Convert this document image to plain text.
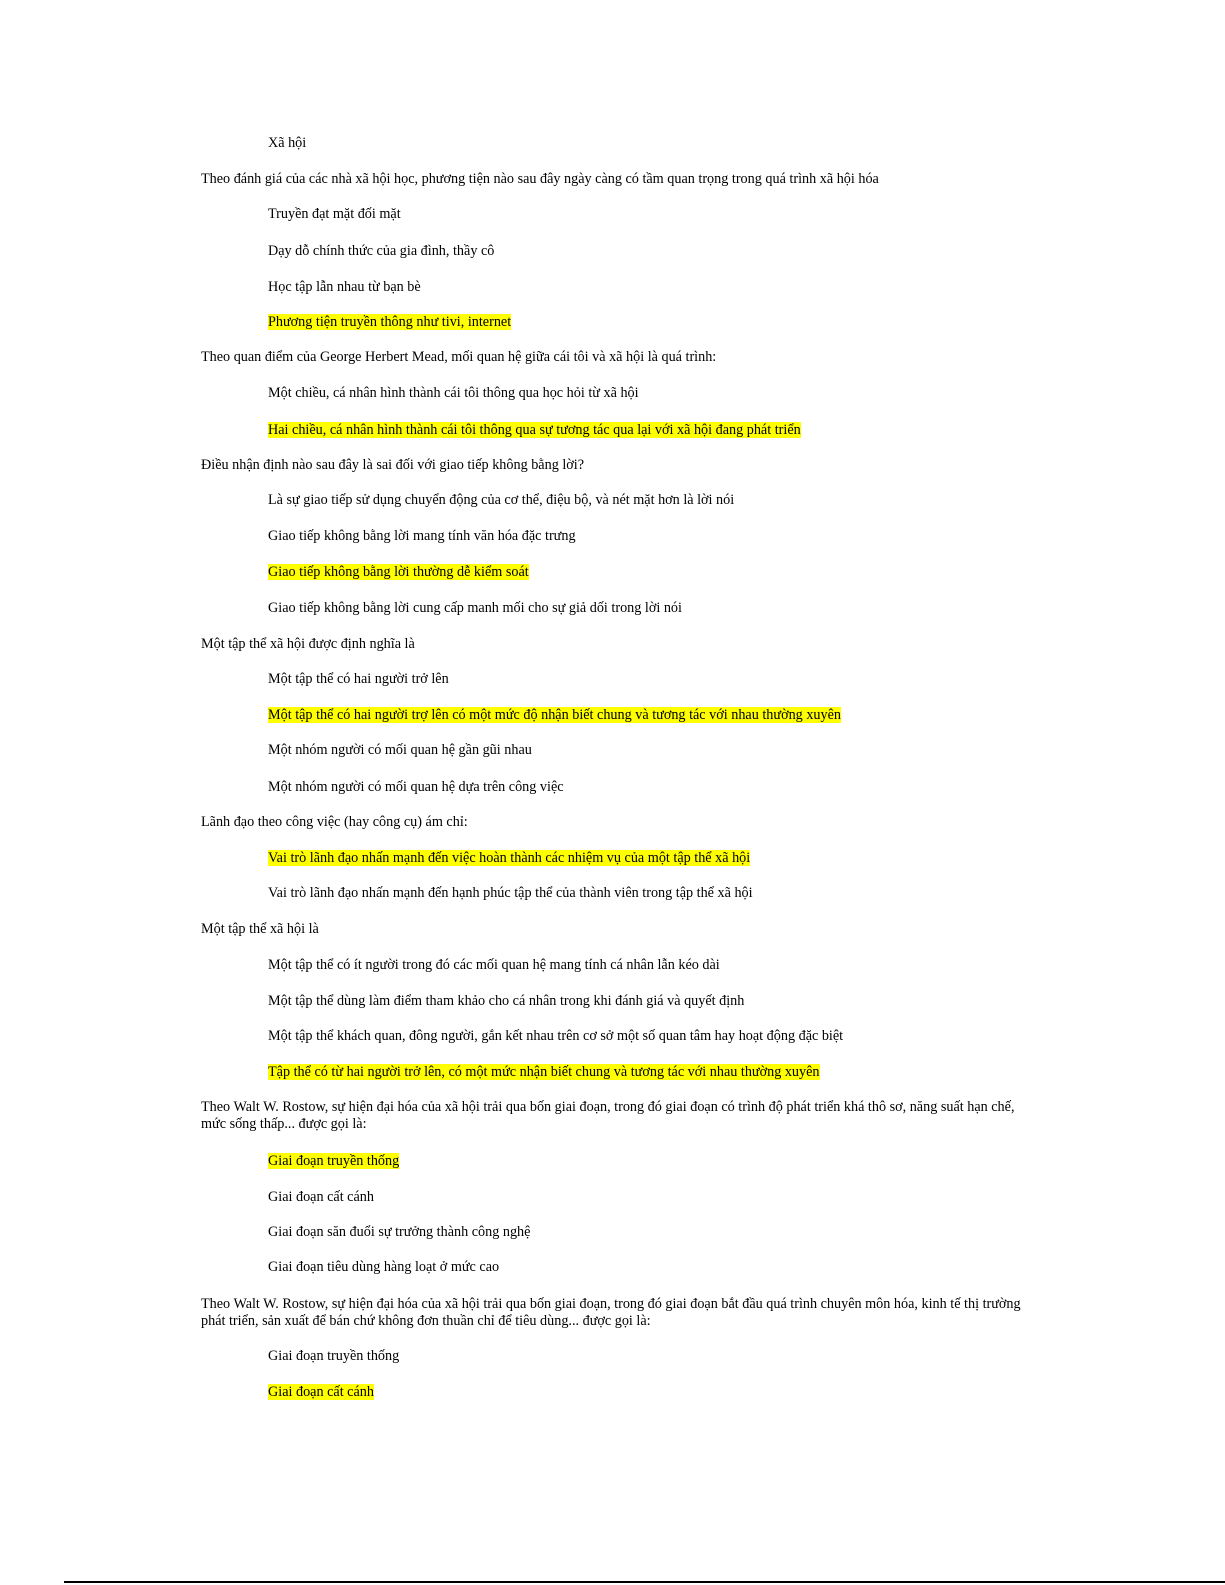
Xã hội
Theo đánh giá của các nhà xã hội học, phương tiện nào sau đây ngày càng có tầm quan trọng trong quá trình xã hội hóa
Truyền đạt mặt đối mặt
Dạy dỗ chính thức của gia đình, thầy cô
Học tập lẫn nhau từ bạn bè
Phương tiện truyền thông như tivi, internet
Theo quan điểm của George Herbert Mead, mối quan hệ giữa cái tôi và xã hội là quá trình:
Một chiều, cá nhân hình thành cái tôi thông qua học hỏi từ xã hội
Hai chiều, cá nhân hình thành cái tôi thông qua sự tương tác qua lại với xã hội đang phát triển
Điều nhận định nào sau đây là sai đối với giao tiếp không bằng lời?
Là sự giao tiếp sử dụng chuyển động của cơ thể, điệu bộ, và nét mặt hơn là lời nói
Giao tiếp không bằng lời mang tính văn hóa đặc trưng
Giao tiếp không bằng lời thường dễ kiểm soát
Giao tiếp không bằng lời cung cấp manh mối cho sự giả dối trong lời nói
Một tập thể xã hội được định nghĩa là
Một tập thể có hai người trở lên
Một tập thể có hai người trợ lên có một mức độ nhận biết chung và tương tác với nhau thường xuyên
Một nhóm người có mối quan hệ gần gũi nhau
Một nhóm người có mối quan hệ dựa trên công việc
Lãnh đạo theo công việc (hay công cụ) ám chỉ:
Vai trò lãnh đạo nhấn mạnh đến việc hoàn thành các nhiệm vụ của một tập thể xã hội
Vai trò lãnh đạo nhấn mạnh đến hạnh phúc tập thể của thành viên trong tập thể xã hội
Một tập thể xã hội là
Một tập thể có ít người trong đó các mối quan hệ mang tính cá nhân lẫn kéo dài
Một tập thể dùng làm điểm tham khảo cho cá nhân trong khi đánh giá và quyết định
Một tập thể khách quan, đông người, gắn kết nhau trên cơ sở một số quan tâm hay hoạt động đặc biệt
Tập thể có từ hai người trở lên, có một mức nhận biết chung và tương tác với nhau thường xuyên
Theo Walt W. Rostow, sự hiện đại hóa của xã hội trải qua bốn giai đoạn, trong đó giai đoạn có trình độ phát triển khá thô sơ, năng suất hạn chế, mức sống thấp... được gọi là:
Giai đoạn truyền thống
Giai đoạn cất cánh
Giai đoạn săn đuổi sự trưởng thành công nghệ
Giai đoạn tiêu dùng hàng loạt ở mức cao
Theo Walt W. Rostow, sự hiện đại hóa của xã hội trải qua bốn giai đoạn, trong đó giai đoạn bắt đầu quá trình chuyên môn hóa, kinh tế thị trường phát triển, sản xuất để bán chứ không đơn thuần chỉ để tiêu dùng... được gọi là:
Giai đoạn truyền thống
Giai đoạn cất cánh
